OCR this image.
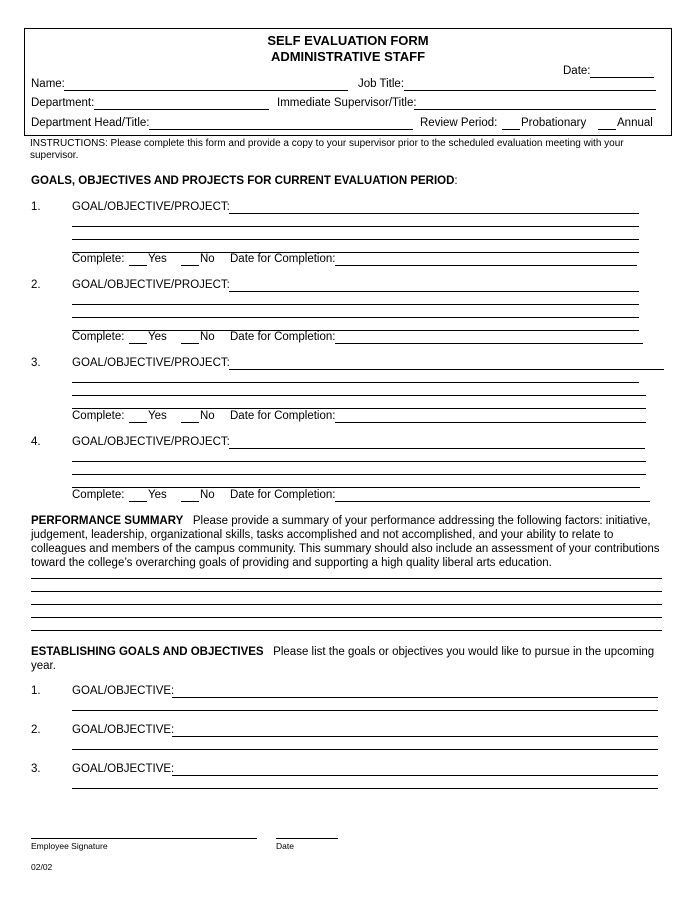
SELF EVALUATION FORM
ADMINISTRATIVE STAFF
Date:
Name:	Job Title:
Department:	Immediate Supervisor/Title:
Department Head/Title:	Review Period: Probationary	Annual
INSTRUCTIONS: Please complete this form and provide a copy to your supervisor prior to the scheduled evaluation meeting with your supervisor.
GOALS, OBJECTIVES AND PROJECTS FOR CURRENT EVALUATION PERIOD:
1.	GOAL/OBJECTIVE/PROJECT:
Complete: Yes	No Date for Completion:
2.	GOAL/OBJECTIVE/PROJECT:
Complete: Yes	No Date for Completion:
3.	GOAL/OBJECTIVE/PROJECT:
Complete: Yes	No Date for Completion:
4.	GOAL/OBJECTIVE/PROJECT:
Complete: Yes	No Date for Completion:
PERFORMANCE SUMMARY Please provide a summary of your performance addressing the following factors: initiative, judgement, leadership, organizational skills, tasks accomplished and not accomplished, and your ability to relate to colleagues and members of the campus community. This summary should also include an assessment of your contributions toward the college’s overarching goals of providing and supporting a high quality liberal arts education.
ESTABLISHING GOALS AND OBJECTIVES Please list the goals or objectives you would like to pursue in the upcoming year.
1.	GOAL/OBJECTIVE:
2.	GOAL/OBJECTIVE:
3.	GOAL/OBJECTIVE:
Employee Signature	Date
02/02
